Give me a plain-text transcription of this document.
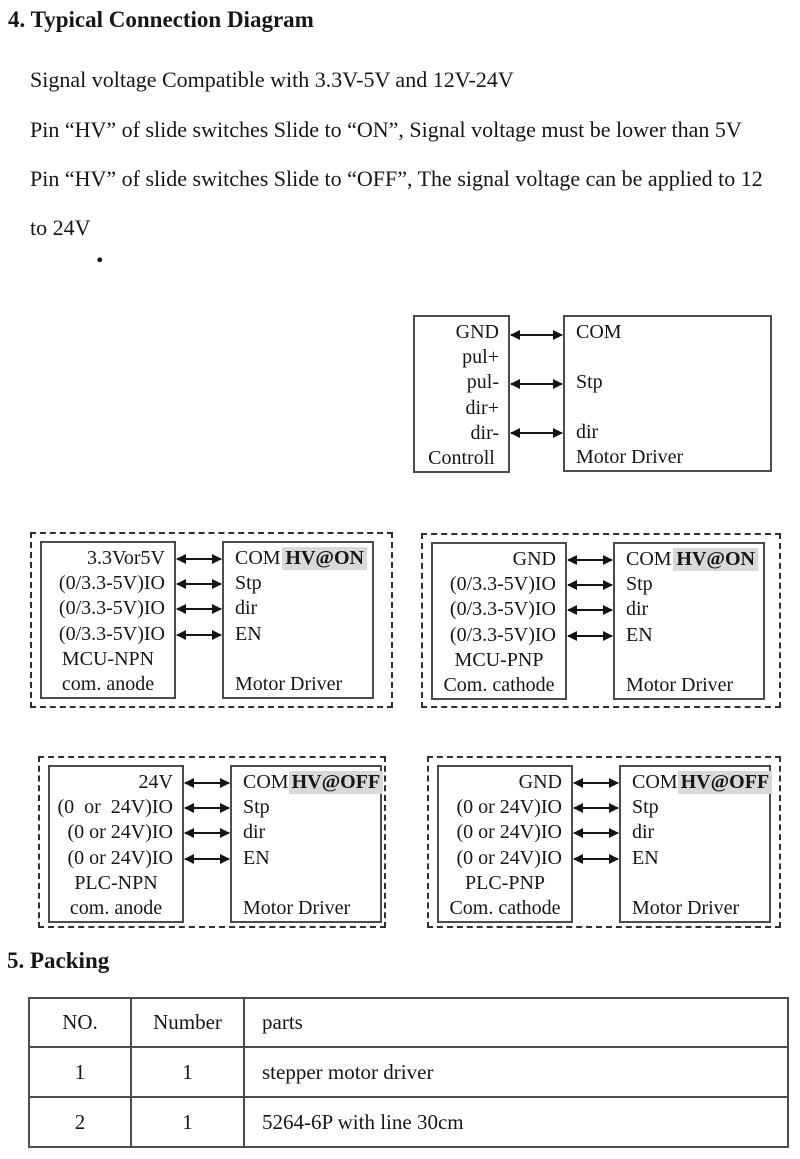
4. Typical Connection Diagram
Signal voltage Compatible with 3.3V-5V and 12V-24V
Pin “HV” of slide switches Slide to “ON”, Signal voltage must be lower than 5V
Pin “HV” of slide switches Slide to “OFF”, The signal voltage can be applied to 12
to 24V
.
GND
pul+
pul-
dir+
dir-
Controll
COM
Stp
dir
Motor Driver
3.3Vor5V
(0/3.3-5V)IO
(0/3.3-5V)IO
(0/3.3-5V)IO
MCU-NPN
com. anode
COM HV@ON
Stp
dir
EN
Motor Driver
GND
(0/3.3-5V)IO
(0/3.3-5V)IO
(0/3.3-5V)IO
MCU-PNP
Com. cathode
COM HV@ON
Stp
dir
EN
Motor Driver
24V
(0  or  24V)IO
(0 or 24V)IO
(0 or 24V)IO
PLC-NPN
com. anode
COM HV@OFF
Stp
dir
EN
Motor Driver
GND
(0 or 24V)IO
(0 or 24V)IO
(0 or 24V)IO
PLC-PNP
Com. cathode
COM HV@OFF
Stp
dir
EN
Motor Driver
5. Packing
NO.	Number	parts
1	1	stepper motor driver
2	1	5264-6P with line 30cm
